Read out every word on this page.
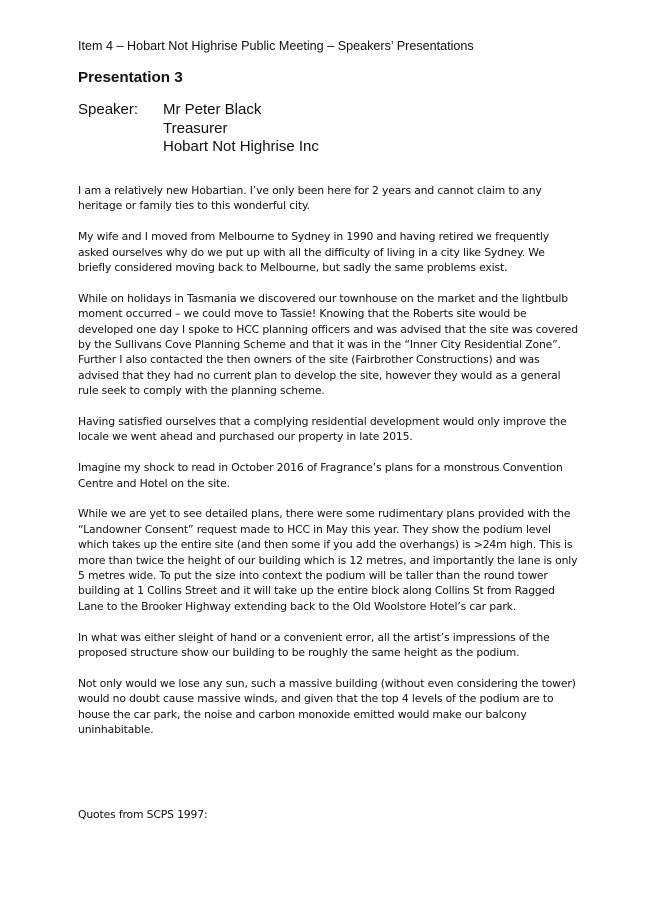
Item 4 – Hobart Not Highrise Public Meeting – Speakers’ Presentations
Presentation 3
Speaker: Mr Peter Black
Treasurer
Hobart Not Highrise Inc

I am a relatively new Hobartian. I’ve only been here for 2 years and cannot claim to any heritage or family ties to this wonderful city.

My wife and I moved from Melbourne to Sydney in 1990 and having retired we frequently asked ourselves why do we put up with all the difficulty of living in a city like Sydney. We briefly considered moving back to Melbourne, but sadly the same problems exist.

While on holidays in Tasmania we discovered our townhouse on the market and the lightbulb moment occurred – we could move to Tassie! Knowing that the Roberts site would be developed one day I spoke to HCC planning officers and was advised that the site was covered by the Sullivans Cove Planning Scheme and that it was in the “Inner City Residential Zone”. Further I also contacted the then owners of the site (Fairbrother Constructions) and was advised that they had no current plan to develop the site, however they would as a general rule seek to comply with the planning scheme.

Having satisfied ourselves that a complying residential development would only improve the locale we went ahead and purchased our property in late 2015.

Imagine my shock to read in October 2016 of Fragrance’s plans for a monstrous Convention Centre and Hotel on the site.

While we are yet to see detailed plans, there were some rudimentary plans provided with the “Landowner Consent” request made to HCC in May this year. They show the podium level which takes up the entire site (and then some if you add the overhangs) is >24m high. This is more than twice the height of our building which is 12 metres, and importantly the lane is only 5 metres wide. To put the size into context the podium will be taller than the round tower building at 1 Collins Street and it will take up the entire block along Collins St from Ragged Lane to the Brooker Highway extending back to the Old Woolstore Hotel’s car park.

In what was either sleight of hand or a convenient error, all the artist’s impressions of the proposed structure show our building to be roughly the same height as the podium.

Not only would we lose any sun, such a massive building (without even considering the tower) would no doubt cause massive winds, and given that the top 4 levels of the podium are to house the car park, the noise and carbon monoxide emitted would make our balcony uninhabitable.

Quotes from SCPS 1997:
